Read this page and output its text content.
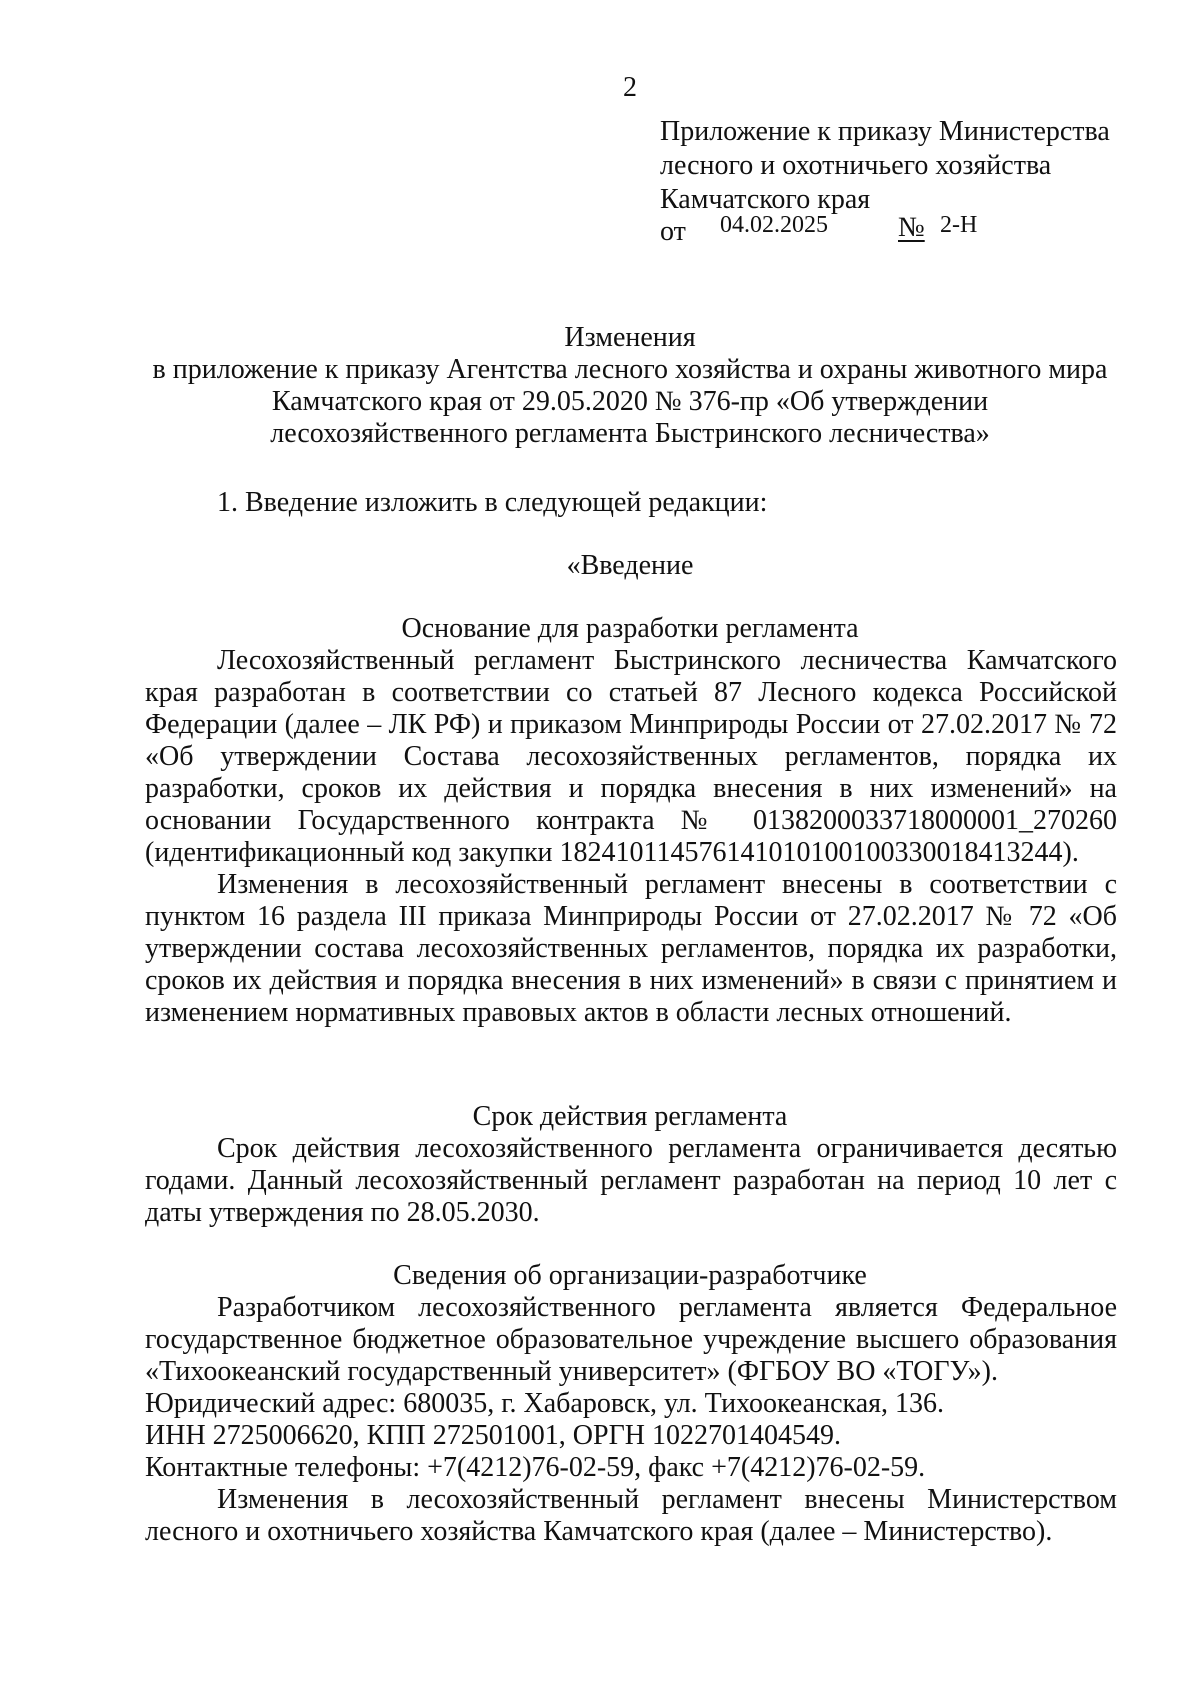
2
Приложение к приказу Министерства
лесного и охотничьего хозяйства
Камчатского края
от 04.02.2025	№ 2-Н
Изменения
в приложение к приказу Агентства лесного хозяйства и охраны животного мира
Камчатского края от 29.05.2020 № 376-пр «Об утверждении
лесохозяйственного регламента Быстринского лесничества»
1. Введение изложить в следующей редакции:
«Введение
Основание для разработки регламента
Лесохозяйственный регламент Быстринского лесничества Камчатского края разработан в соответствии со статьей 87 Лесного кодекса Российской Федерации (далее – ЛК РФ) и приказом Минприроды России от 27.02.2017 № 72 «Об утверждении Состава лесохозяйственных регламентов, порядка их разработки, сроков их действия и порядка внесения в них изменений» на основании Государственного контракта № 0138200033718000001_270260 (идентификационный код закупки 182410114576141010100100330018413244).
Изменения в лесохозяйственный регламент внесены в соответствии с пунктом 16 раздела III приказа Минприроды России от 27.02.2017 № 72 «Об утверждении состава лесохозяйственных регламентов, порядка их разработки, сроков их действия и порядка внесения в них изменений» в связи с принятием и изменением нормативных правовых актов в области лесных отношений.
Срок действия регламента
Срок действия лесохозяйственного регламента ограничивается десятью годами. Данный лесохозяйственный регламент разработан на период 10 лет с даты утверждения по 28.05.2030.
Сведения об организации-разработчике
Разработчиком лесохозяйственного регламента является Федеральное государственное бюджетное образовательное учреждение высшего образования «Тихоокеанский государственный университет» (ФГБОУ ВО «ТОГУ»).
Юридический адрес: 680035, г. Хабаровск, ул. Тихоокеанская, 136.
ИНН 2725006620, КПП 272501001, ОРГН 1022701404549.
Контактные телефоны: +7(4212)76-02-59, факс +7(4212)76-02-59.
Изменения в лесохозяйственный регламент внесены Министерством лесного и охотничьего хозяйства Камчатского края (далее – Министерство).
